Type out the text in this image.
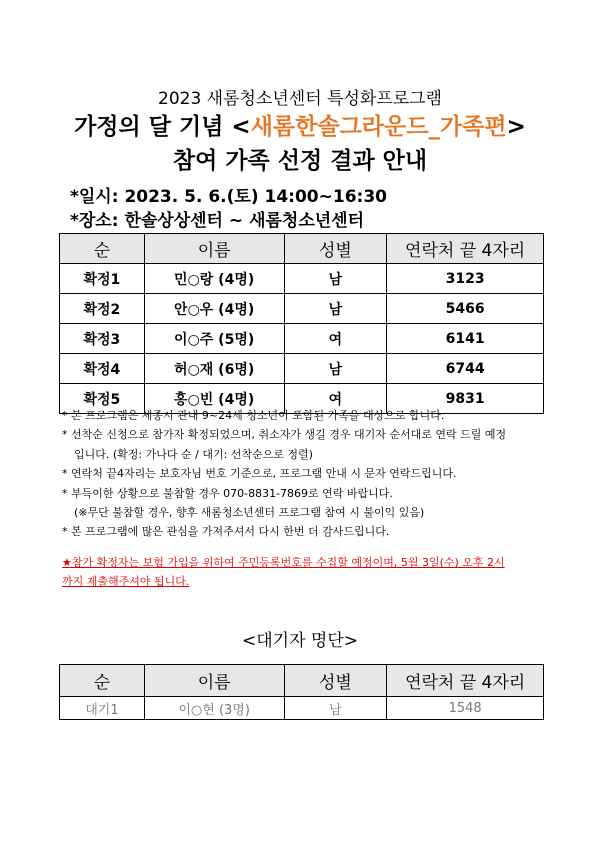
2023 새롬청소년센터 특성화프로그램
가정의 달 기념 <새롬한솔그라운드_가족편>
참여 가족 선정 결과 안내
*일시: 2023. 5. 6.(토) 14:00~16:30
*장소: 한솔상상센터 ~ 새롬청소년센터
순	이름	성별	연락처 끝 4자리
확정1	민○랑 (4명)	남	3123
확정2	안○우 (4명)	남	5466
확정3	이○주 (5명)	여	6141
확정4	허○재 (6명)	남	6744
확정5	홍○빈 (4명)	여	9831
* 본 프로그램은 세종시 관내 9~24세 청소년이 포함된 가족을 대상으로 합니다.
* 선착순 신청으로 참가자 확정되었으며, 취소자가 생길 경우 대기자 순서대로 연락 드릴 예정
입니다. (확정: 가나다 순 / 대기: 선착순으로 정렬)
* 연락처 끝4자리는 보호자님 번호 기준으로, 프로그램 안내 시 문자 연락드립니다.
* 부득이한 상황으로 불참할 경우 070-8831-7869로 연락 바랍니다.
(※무단 불참할 경우, 향후 새롬청소년센터 프로그램 참여 시 불이익 있음)
* 본 프로그램에 많은 관심을 가져주셔서 다시 한번 더 감사드립니다.
★참가 확정자는 보험 가입을 위하여 주민등록번호를 수집할 예정이며, 5월 3일(수) 오후 2시
까지 제출해주셔야 됩니다.
<대기자 명단>
순	이름	성별	연락처 끝 4자리
대기1	이○현 (3명)	남	1548
